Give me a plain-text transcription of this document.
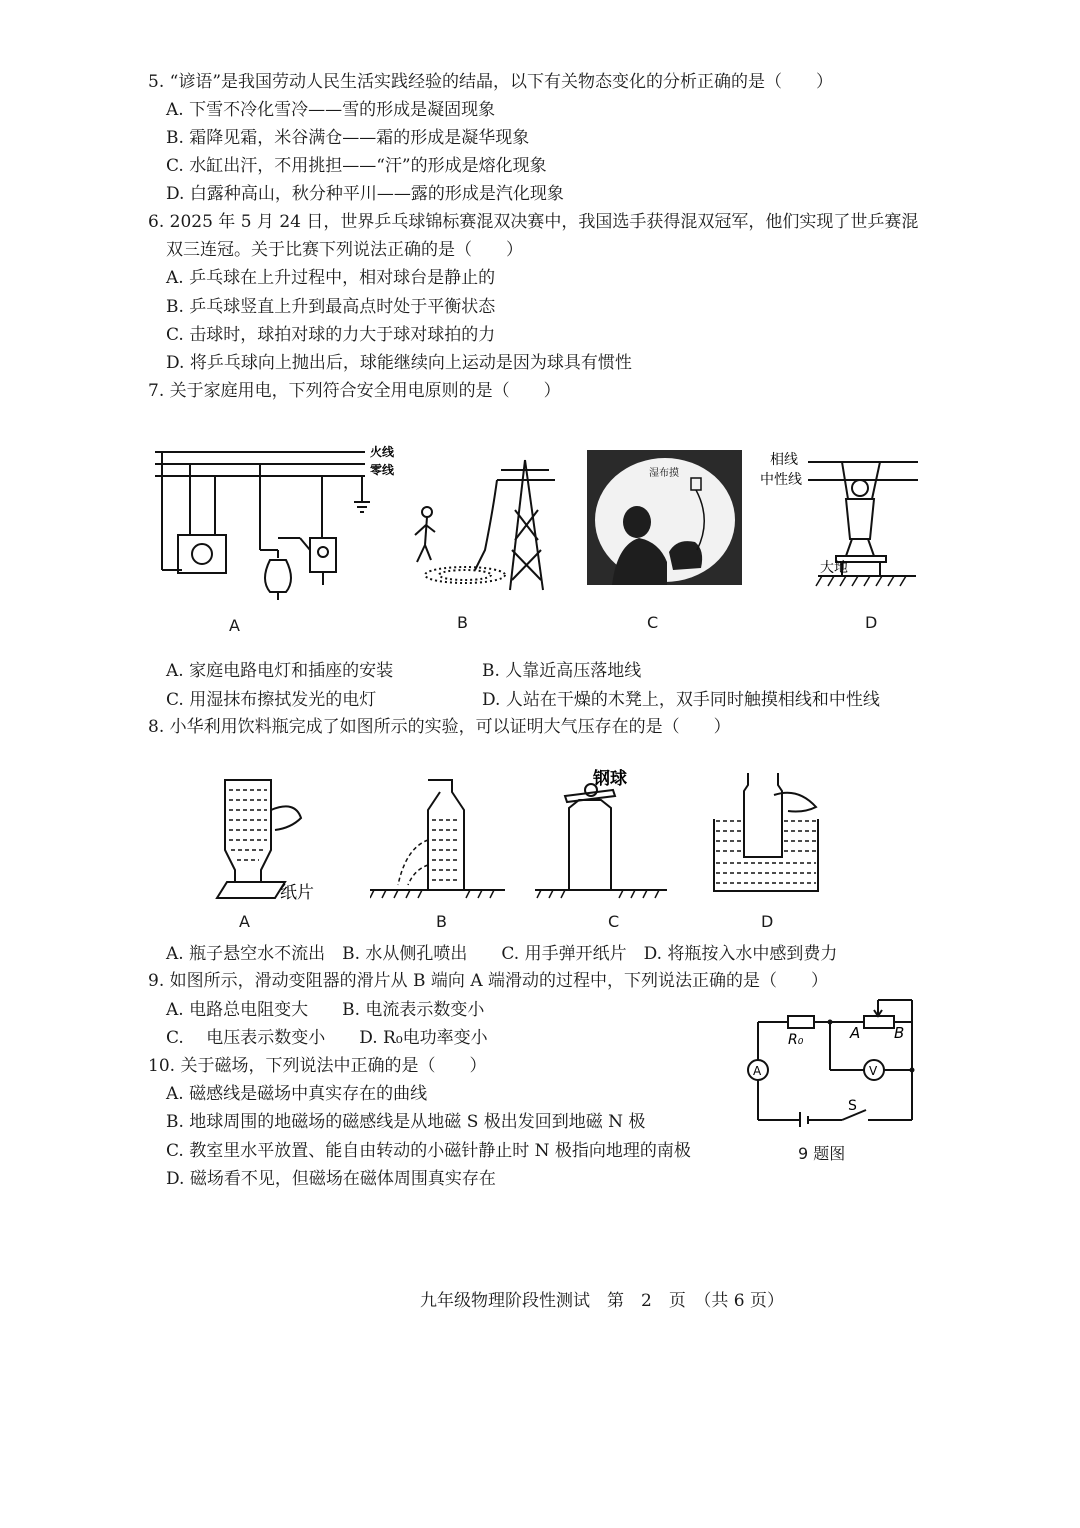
5. “谚语”是我国劳动人民生活实践经验的结晶，以下有关物态变化的分析正确的是（　　）
A. 下雪不冷化雪冷——雪的形成是凝固现象
B. 霜降见霜，米谷满仓——霜的形成是凝华现象
C. 水缸出汗，不用挑担——“汗”的形成是熔化现象
D. 白露种高山，秋分种平川——露的形成是汽化现象
6. 2025 年 5 月 24 日，世界乒乓球锦标赛混双决赛中，我国选手获得混双冠军，他们实现了世乒赛混
双三连冠。关于比赛下列说法正确的是（　　）
A. 乒乓球在上升过程中，相对球台是静止的
B. 乒乓球竖直上升到最高点时处于平衡状态
C. 击球时，球拍对球的力大于球对球拍的力
D. 将乒乓球向上抛出后，球能继续向上运动是因为球具有惯性
7. 关于家庭用电，下列符合安全用电原则的是（　　）
火线
零线
A	B
湿布摸
C
相线
中性线
大地
D
A. 家庭电路电灯和插座的安装	B. 人靠近高压落地线
C. 用湿抹布擦拭发光的电灯	D. 人站在干燥的木凳上，双手同时触摸相线和中性线
8. 小华利用饮料瓶完成了如图所示的实验，可以证明大气压存在的是（　　）
纸片
A	B
钢球
C	D
A. 瓶子悬空水不流出　B. 水从侧孔喷出　　C. 用手弹开纸片　D. 将瓶按入水中感到费力
9. 如图所示，滑动变阻器的滑片从 B 端向 A 端滑动的过程中，下列说法正确的是（　　）
A. 电路总电阻变大　　B. 电流表示数变小
C. 　电压表示数变小　　D. R₀电功率变小	R₀	A B
A	V
S
9 题图
10. 关于磁场，下列说法中正确的是（　　）
A. 磁感线是磁场中真实存在的曲线
B. 地球周围的地磁场的磁感线是从地磁 S 极出发回到地磁 N 极
C. 教室里水平放置、能自由转动的小磁针静止时 N 极指向地理的南极
D. 磁场看不见，但磁场在磁体周围真实存在
九年级物理阶段性测试　第　2　页　（共 6 页）
